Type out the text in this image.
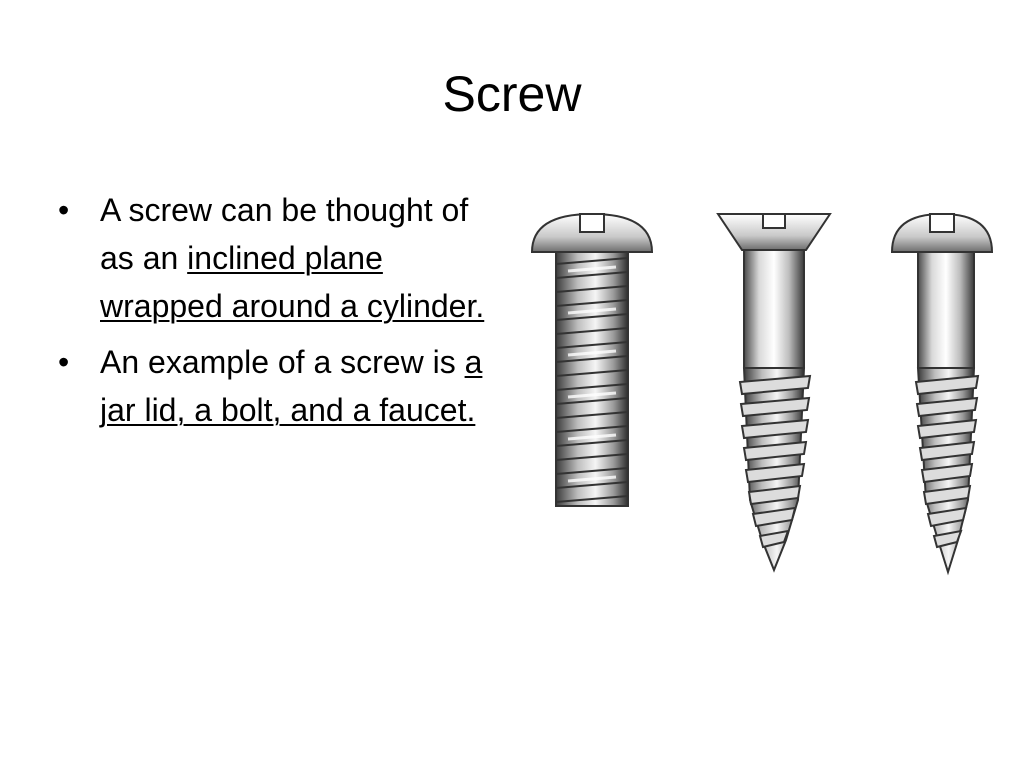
Screw
• A screw can be thought of as an inclined plane wrapped around a cylinder.
• An example of a screw is a jar lid, a bolt, and a faucet.
